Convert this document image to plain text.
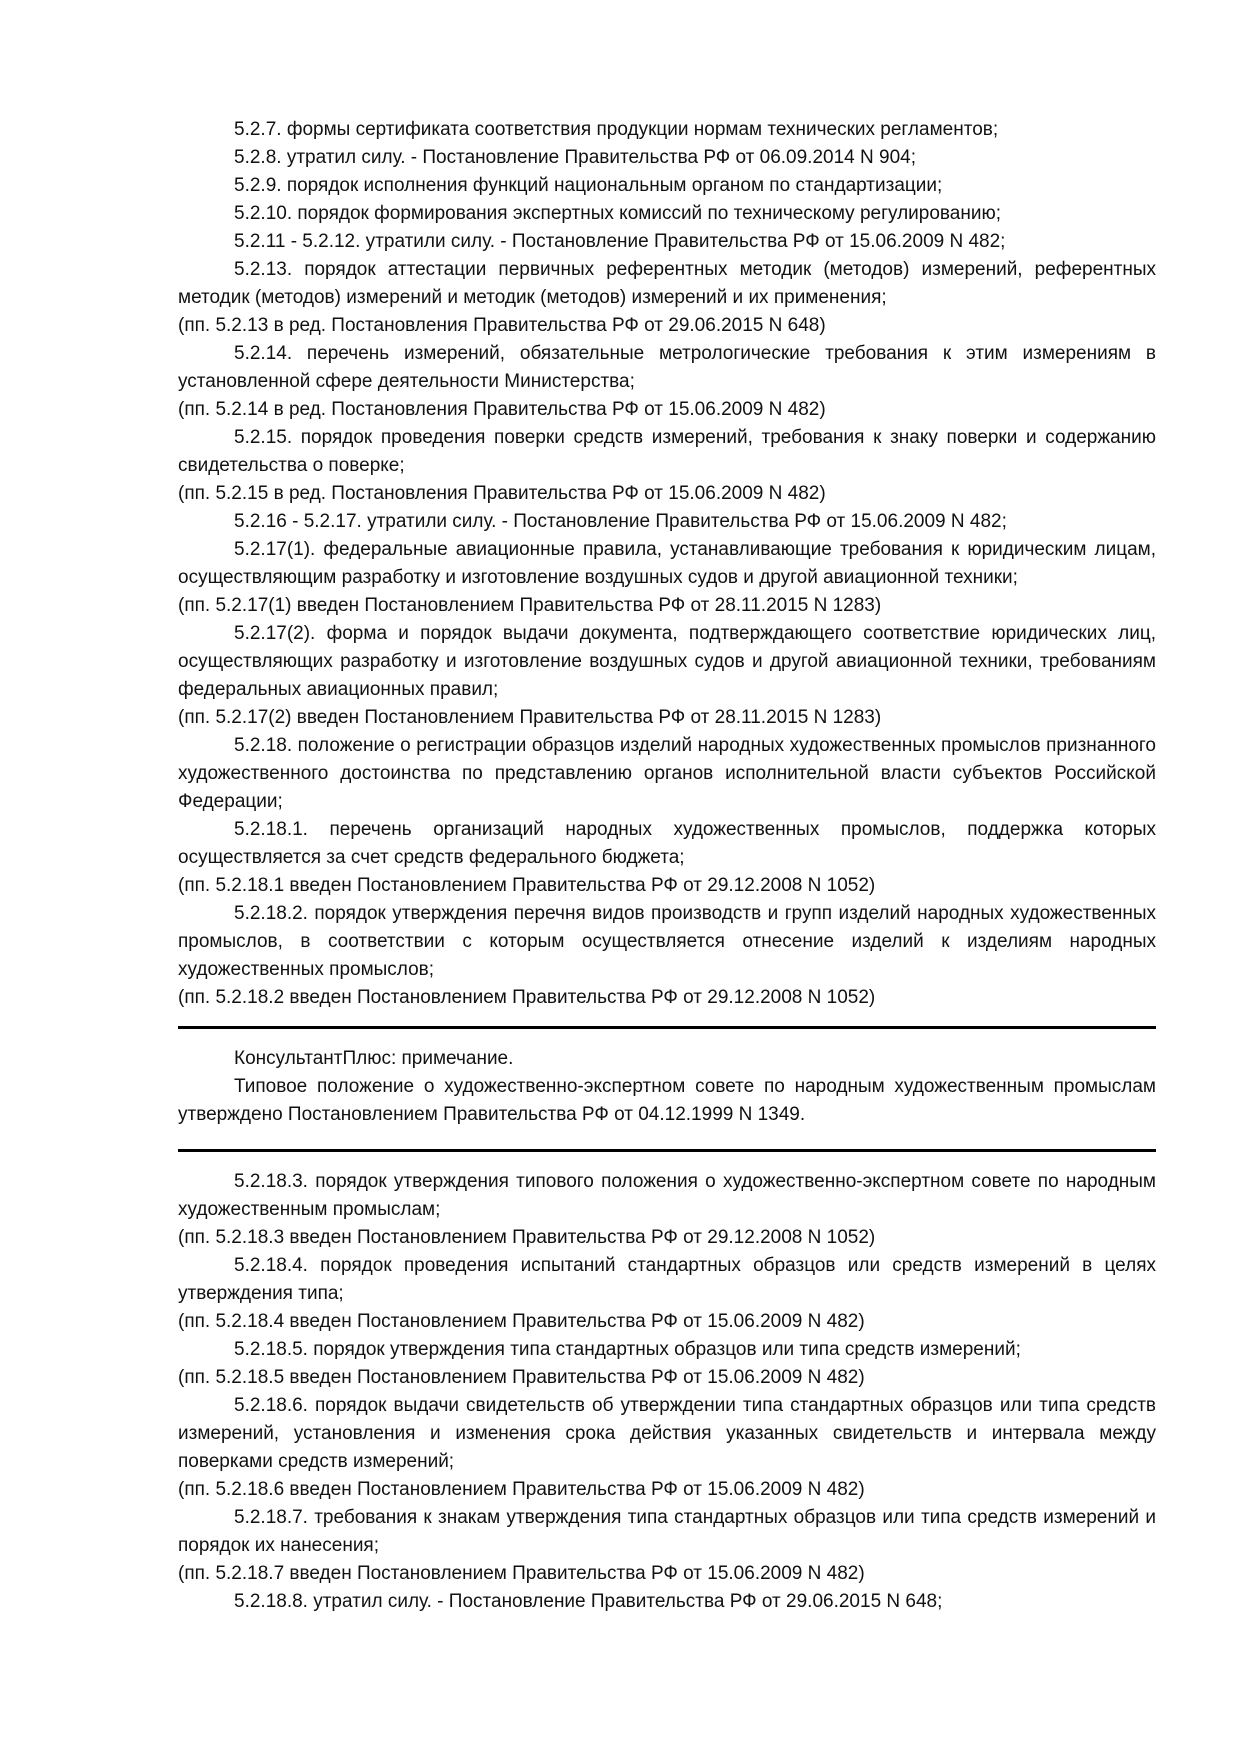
5.2.7. формы сертификата соответствия продукции нормам технических регламентов;

5.2.8. утратил силу. - Постановление Правительства РФ от 06.09.2014 N 904;

5.2.9. порядок исполнения функций национальным органом по стандартизации;

5.2.10. порядок формирования экспертных комиссий по техническому регулированию;

5.2.11 - 5.2.12. утратили силу. - Постановление Правительства РФ от 15.06.2009 N 482;

5.2.13. порядок аттестации первичных референтных методик (методов) измерений, референтных методик (методов) измерений и методик (методов) измерений и их применения;

(пп. 5.2.13 в ред. Постановления Правительства РФ от 29.06.2015 N 648)

5.2.14. перечень измерений, обязательные метрологические требования к этим измерениям в установленной сфере деятельности Министерства;

(пп. 5.2.14 в ред. Постановления Правительства РФ от 15.06.2009 N 482)

5.2.15. порядок проведения поверки средств измерений, требования к знаку поверки и содержанию свидетельства о поверке;

(пп. 5.2.15 в ред. Постановления Правительства РФ от 15.06.2009 N 482)

5.2.16 - 5.2.17. утратили силу. - Постановление Правительства РФ от 15.06.2009 N 482;

5.2.17(1). федеральные авиационные правила, устанавливающие требования к юридическим лицам, осуществляющим разработку и изготовление воздушных судов и другой авиационной техники;

(пп. 5.2.17(1) введен Постановлением Правительства РФ от 28.11.2015 N 1283)

5.2.17(2). форма и порядок выдачи документа, подтверждающего соответствие юридических лиц, осуществляющих разработку и изготовление воздушных судов и другой авиационной техники, требованиям федеральных авиационных правил;

(пп. 5.2.17(2) введен Постановлением Правительства РФ от 28.11.2015 N 1283)

5.2.18. положение о регистрации образцов изделий народных художественных промыслов признанного художественного достоинства по представлению органов исполнительной власти субъектов Российской Федерации;

5.2.18.1. перечень организаций народных художественных промыслов, поддержка которых осуществляется за счет средств федерального бюджета;

(пп. 5.2.18.1 введен Постановлением Правительства РФ от 29.12.2008 N 1052)

5.2.18.2. порядок утверждения перечня видов производств и групп изделий народных художественных промыслов, в соответствии с которым осуществляется отнесение изделий к изделиям народных художественных промыслов;

(пп. 5.2.18.2 введен Постановлением Правительства РФ от 29.12.2008 N 1052)

КонсультантПлюс: примечание.

Типовое положение о художественно-экспертном совете по народным художественным промыслам утверждено Постановлением Правительства РФ от 04.12.1999 N 1349.

5.2.18.3. порядок утверждения типового положения о художественно-экспертном совете по народным художественным промыслам;

(пп. 5.2.18.3 введен Постановлением Правительства РФ от 29.12.2008 N 1052)

5.2.18.4. порядок проведения испытаний стандартных образцов или средств измерений в целях утверждения типа;

(пп. 5.2.18.4 введен Постановлением Правительства РФ от 15.06.2009 N 482)

5.2.18.5. порядок утверждения типа стандартных образцов или типа средств измерений;

(пп. 5.2.18.5 введен Постановлением Правительства РФ от 15.06.2009 N 482)

5.2.18.6. порядок выдачи свидетельств об утверждении типа стандартных образцов или типа средств измерений, установления и изменения срока действия указанных свидетельств и интервала между поверками средств измерений;

(пп. 5.2.18.6 введен Постановлением Правительства РФ от 15.06.2009 N 482)

5.2.18.7. требования к знакам утверждения типа стандартных образцов или типа средств измерений и порядок их нанесения;

(пп. 5.2.18.7 введен Постановлением Правительства РФ от 15.06.2009 N 482)

5.2.18.8. утратил силу. - Постановление Правительства РФ от 29.06.2015 N 648;
